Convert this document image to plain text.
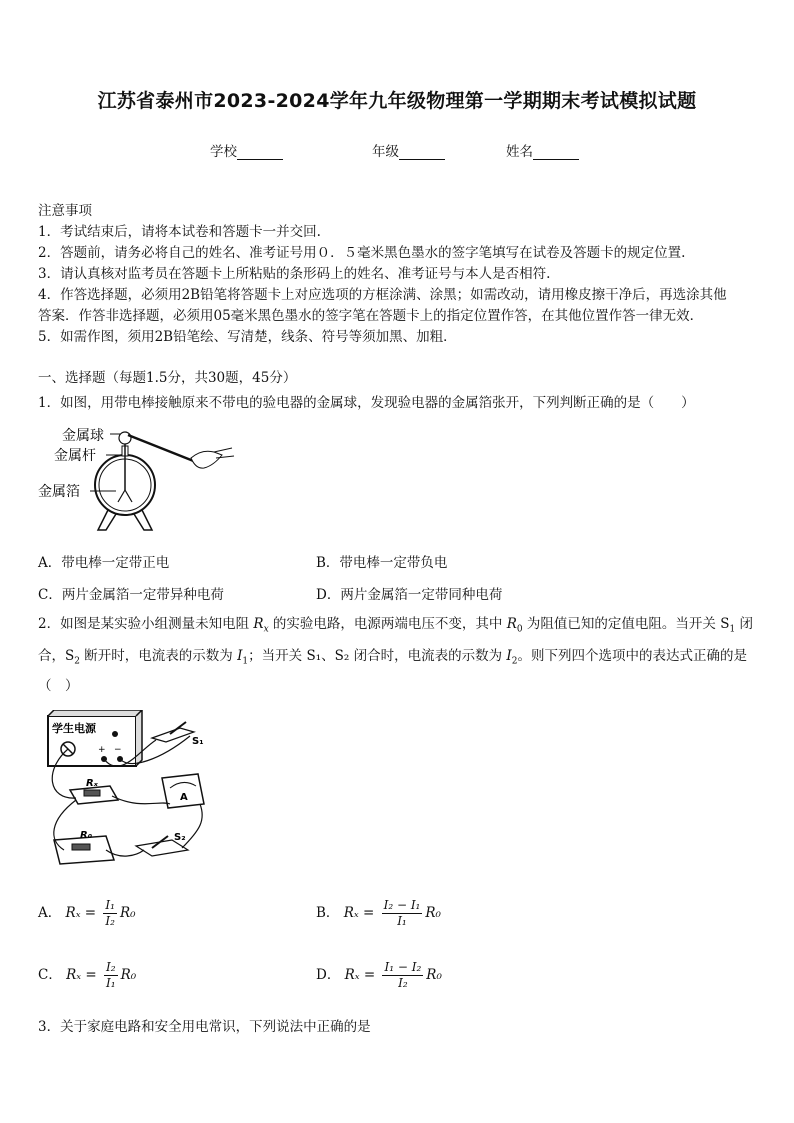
江苏省泰州市2023-2024学年九年级物理第一学期期末考试模拟试题
学校	年级	姓名
注意事项
1．考试结束后，请将本试卷和答题卡一并交回.
2．答题前，请务必将自己的姓名、准考证号用０．５毫米黑色墨水的签字笔填写在试卷及答题卡的规定位置.
3．请认真核对监考员在答题卡上所粘贴的条形码上的姓名、准考证号与本人是否相符.
4．作答选择题，必须用2B铅笔将答题卡上对应选项的方框涂满、涂黑；如需改动，请用橡皮擦干净后，再选涂其他
答案．作答非选择题，必须用05毫米黑色墨水的签字笔在答题卡上的指定位置作答，在其他位置作答一律无效．
5．如需作图，须用2B铅笔绘、写清楚，线条、符号等须加黑、加粗．
一、选择题（每题1.5分，共30题，45分）
1．如图，用带电棒接触原来不带电的验电器的金属球，发现验电器的金属箔张开，下列判断正确的是（　　）
金属球
金属杆
金属箔
A．带电棒一定带正电	B．带电棒一定带负电
C．两片金属箔一定带异种电荷	D．两片金属箔一定带同种电荷
2．如图是某实验小组测量未知电阻 $R_x$ 的实验电路，电源两端电压不变，其中 $R_0$ 为阻值已知的定值电阻。当开关 $S_1$ 闭
合，$S_2$ 断开时，电流表的示数为 $I_1$；当开关 S₁、S₂ 闭合时，电流表的示数为 $I_2$。则下列四个选项中的表达式正确的是
（　）
学生电源
+ −
S₁
A
Rₓ
R₀	S₂
A． $R_x = \frac{\text{I₁}}{\text{I₂}} R_0$	B． $R_x = \frac{\text{I₂ − I₁}}{\text{I₁}} R_0$
C． $R_x = \frac{\text{I₂}}{\text{I₁}} R_0$	D． $R_x = \frac{\text{I₁ − I₂}}{\text{I₂}} R_0$
3．关于家庭电路和安全用电常识，下列说法中正确的是
